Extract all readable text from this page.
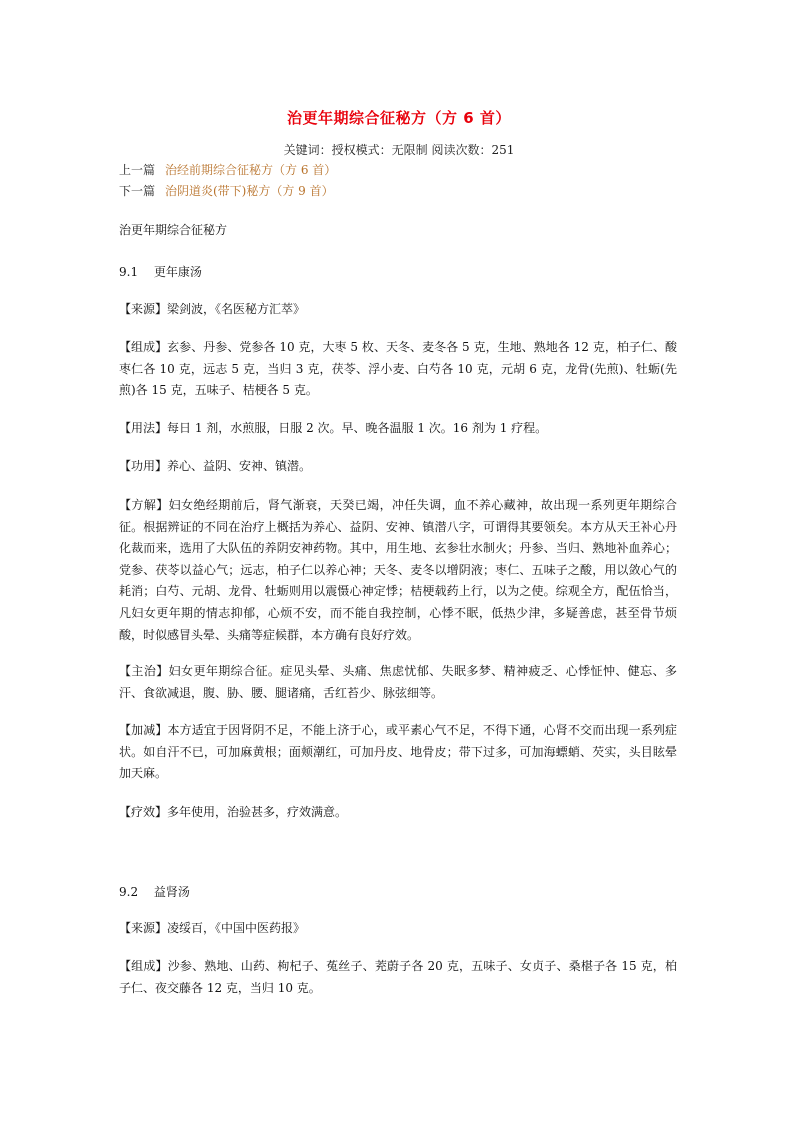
治更年期综合征秘方（方 6 首）
关键词：授权模式：无限制 阅读次数：251
上一篇 治经前期综合征秘方（方 6 首）
下一篇 治阴道炎(带下)秘方（方 9 首）
治更年期综合征秘方
9.1　 更年康汤
【来源】梁剑波，《名医秘方汇萃》
【组成】玄参、丹参、党参各 10 克，大枣 5 枚、天冬、麦冬各 5 克，生地、熟地各 12 克，柏子仁、酸枣仁各 10 克，远志 5 克，当归 3 克，茯苓、浮小麦、白芍各 10 克，元胡 6 克，龙骨(先煎)、牡蛎(先煎)各 15 克，五味子、桔梗各 5 克。
【用法】每日 1 剂，水煎服，日服 2 次。早、晚各温服 1 次。16 剂为 1 疗程。
【功用】养心、益阴、安神、镇潜。
【方解】妇女绝经期前后，肾气渐衰，天癸已竭，冲任失调，血不养心藏神，故出现一系列更年期综合征。根据辨证的不同在治疗上概括为养心、益阴、安神、镇潜八字，可谓得其要领矣。本方从天王补心丹化裁而来，选用了大队伍的养阴安神药物。其中，用生地、玄参壮水制火；丹参、当归、熟地补血养心；党参、茯苓以益心气；远志，柏子仁以养心神；天冬、麦冬以增阴液；枣仁、五味子之酸，用以敛心气的耗消；白芍、元胡、龙骨、牡蛎则用以震慑心神定悸；桔梗载药上行，以为之使。综观全方，配伍恰当，凡妇女更年期的情志抑郁，心烦不安，而不能自我控制，心悸不眠，低热少津，多疑善虑，甚至骨节烦酸，时似感冒头晕、头痛等症候群，本方确有良好疗效。
【主治】妇女更年期综合征。症见头晕、头痛、焦虑忧郁、失眠多梦、精神疲乏、心悸怔忡、健忘、多汗、食欲减退，腹、胁、腰、腿诸痛，舌红苔少、脉弦细等。
【加减】本方适宜于因肾阴不足，不能上济于心，或平素心气不足，不得下通，心肾不交而出现一系列症状。如自汗不已，可加麻黄根；面颊潮红，可加丹皮、地骨皮；带下过多，可加海螵蛸、芡实，头目眩晕加天麻。
【疗效】多年使用，治验甚多，疗效满意。
9.2　 益肾汤
【来源】凌绥百，《中国中医药报》
【组成】沙参、熟地、山药、枸杞子、菟丝子、茺蔚子各 20 克，五味子、女贞子、桑椹子各 15 克，柏子仁、夜交藤各 12 克，当归 10 克。
